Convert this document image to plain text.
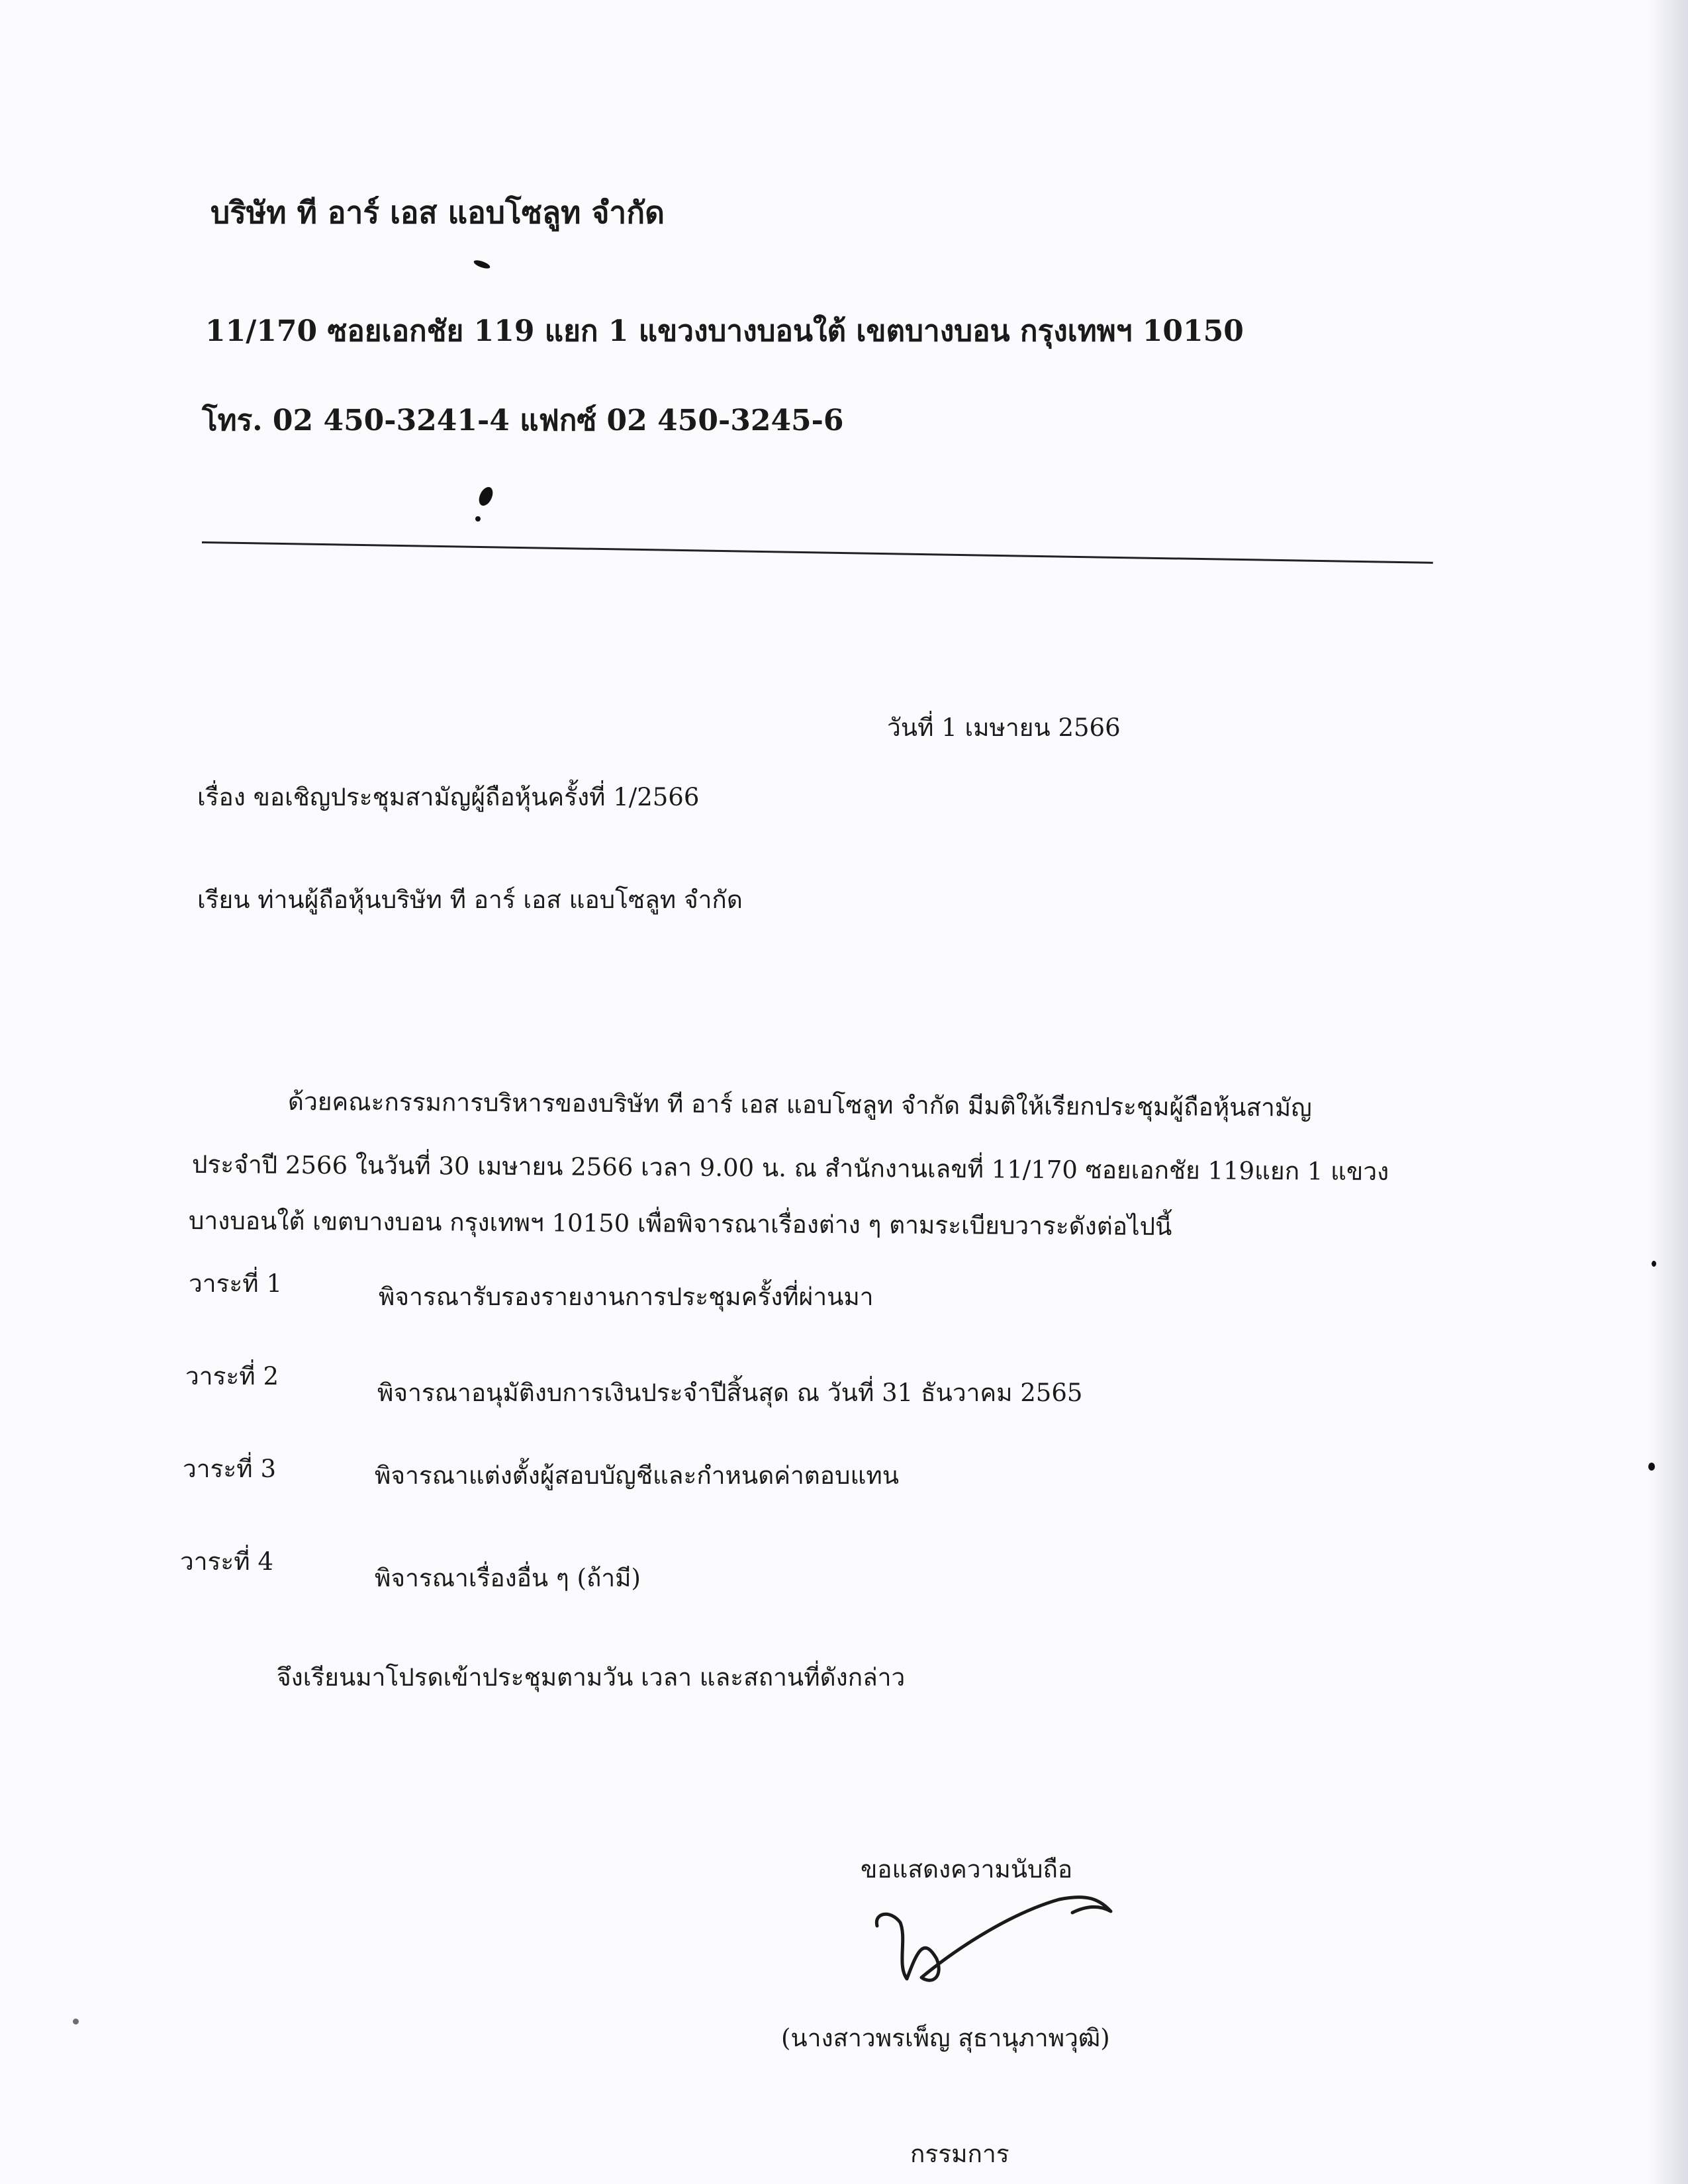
บริษัท ที อาร์ เอส แอบโซลูท จำกัด
11/170 ซอยเอกชัย 119 แยก 1 แขวงบางบอนใต้ เขตบางบอน กรุงเทพฯ 10150
โทร. 02 450-3241-4 แฟกซ์ 02 450-3245-6
วันที่ 1 เมษายน 2566
เรื่อง ขอเชิญประชุมสามัญผู้ถือหุ้นครั้งที่ 1/2566
เรียน ท่านผู้ถือหุ้นบริษัท ที อาร์ เอส แอบโซลูท จำกัด
ด้วยคณะกรรมการบริหารของบริษัท ที อาร์ เอส แอบโซลูท จำกัด มีมติให้เรียกประชุมผู้ถือหุ้นสามัญ
ประจำปี 2566 ในวันที่ 30 เมษายน 2566 เวลา 9.00 น. ณ สำนักงานเลขที่ 11/170 ซอยเอกชัย 119แยก 1 แขวง
บางบอนใต้ เขตบางบอน กรุงเทพฯ 10150 เพื่อพิจารณาเรื่องต่าง ๆ ตามระเบียบวาระดังต่อไปนี้
วาระที่ 1	พิจารณารับรองรายงานการประชุมครั้งที่ผ่านมา
วาระที่ 2
พิจารณาอนุมัติงบการเงินประจำปีสิ้นสุด ณ วันที่ 31 ธันวาคม 2565
วาระที่ 3	พิจารณาแต่งตั้งผู้สอบบัญชีและกำหนดค่าตอบแทน
วาระที่ 4
พิจารณาเรื่องอื่น ๆ (ถ้ามี)
จึงเรียนมาโปรดเข้าประชุมตามวัน เวลา และสถานที่ดังกล่าว
ขอแสดงความนับถือ
(นางสาวพรเพ็ญ สุธานุภาพวุฒิ)
กรรมการ
